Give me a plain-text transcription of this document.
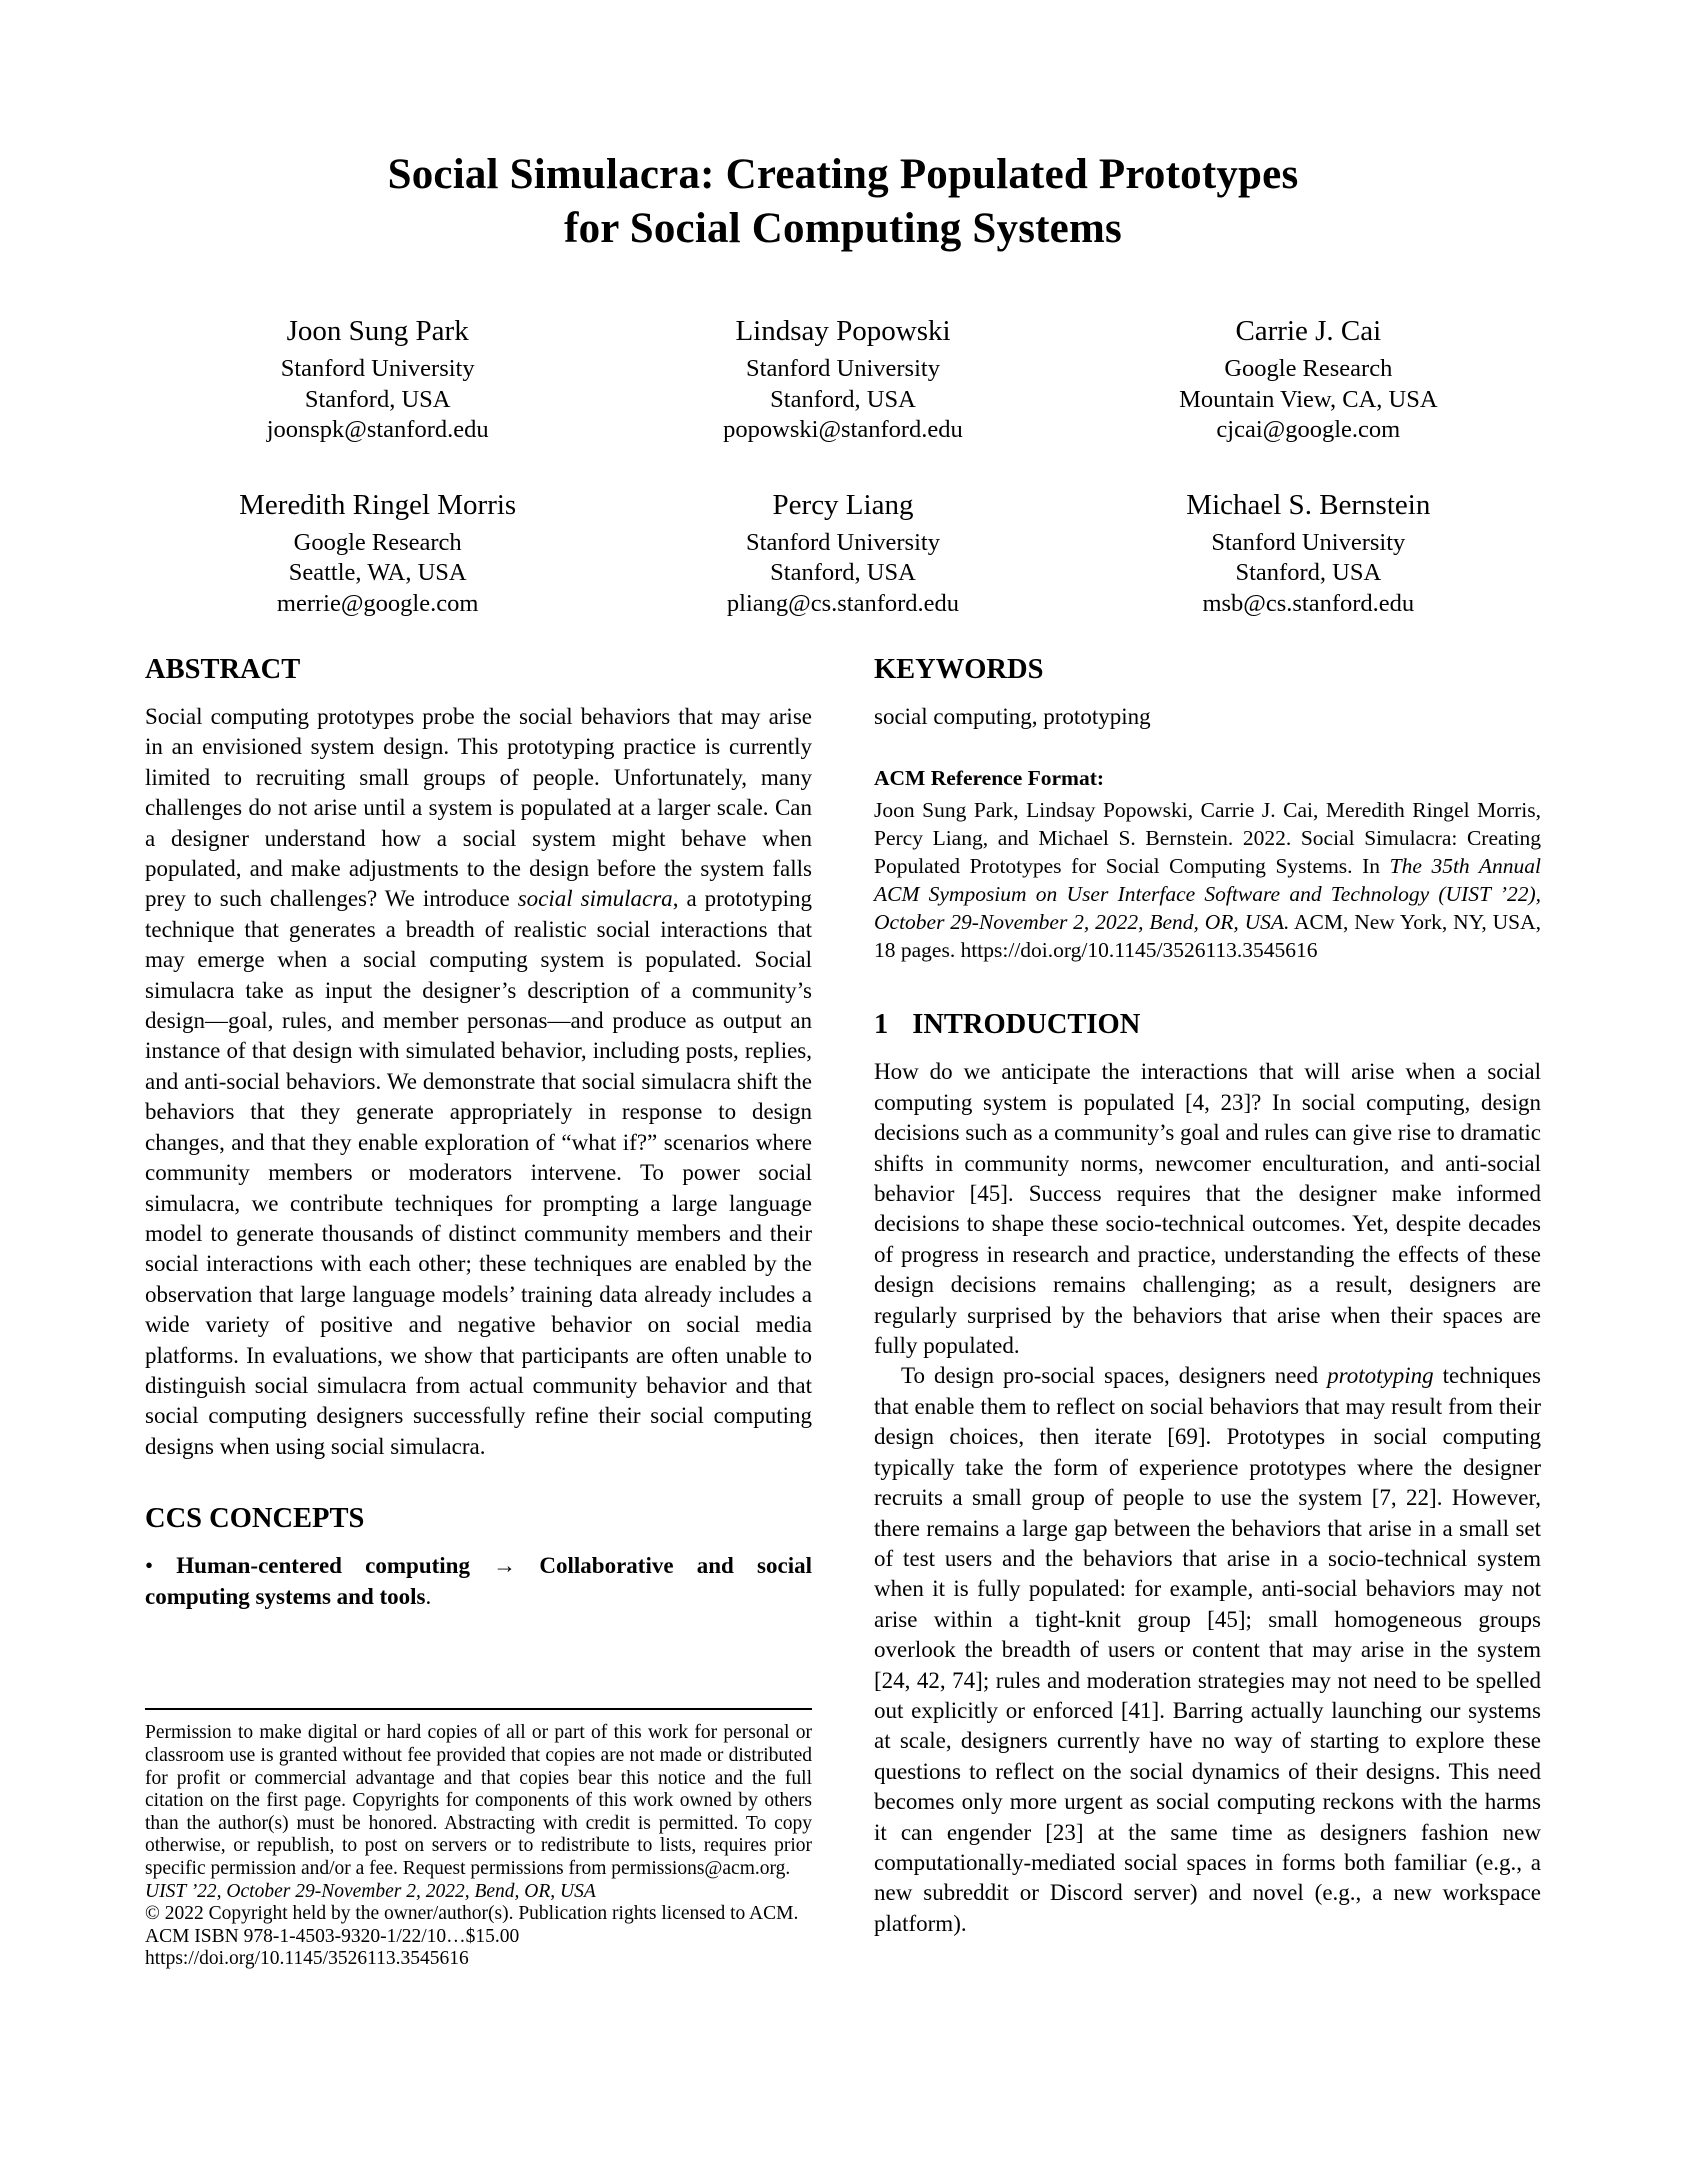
Social Simulacra: Creating Populated Prototypes
for Social Computing Systems
Joon Sung Park
Stanford University
Stanford, USA
joonspk@stanford.edu
Lindsay Popowski
Stanford University
Stanford, USA
popowski@stanford.edu
Carrie J. Cai
Google Research
Mountain View, CA, USA
cjcai@google.com
Meredith Ringel Morris
Google Research
Seattle, WA, USA
merrie@google.com
Percy Liang
Stanford University
Stanford, USA
pliang@cs.stanford.edu
Michael S. Bernstein
Stanford University
Stanford, USA
msb@cs.stanford.edu
ABSTRACT

Social computing prototypes probe the social behaviors that may arise in an envisioned system design. This prototyping practice is currently limited to recruiting small groups of people. Unfortunately, many challenges do not arise until a system is populated at a larger scale. Can a designer understand how a social system might behave when populated, and make adjustments to the design before the system falls prey to such challenges? We introduce social simulacra, a prototyping technique that generates a breadth of realistic social interactions that may emerge when a social computing system is populated. Social simulacra take as input the designer’s description of a community’s design—goal, rules, and member personas—and produce as output an instance of that design with simulated behavior, including posts, replies, and anti-social behaviors. We demonstrate that social simulacra shift the behaviors that they generate appropriately in response to design changes, and that they enable exploration of “what if?” scenarios where community members or moderators intervene. To power social simulacra, we contribute techniques for prompting a large language model to generate thousands of distinct community members and their social interactions with each other; these techniques are enabled by the observation that large language models’ training data already includes a wide variety of positive and negative behavior on social media platforms. In evaluations, we show that participants are often unable to distinguish social simulacra from actual community behavior and that social computing designers successfully refine their social computing designs when using social simulacra.

CCS CONCEPTS

• Human-centered computing → Collaborative and social computing systems and tools.

Permission to make digital or hard copies of all or part of this work for personal or classroom use is granted without fee provided that copies are not made or distributed for profit or commercial advantage and that copies bear this notice and the full citation on the first page. Copyrights for components of this work owned by others than the author(s) must be honored. Abstracting with credit is permitted. To copy otherwise, or republish, to post on servers or to redistribute to lists, requires prior specific permission and/or a fee. Request permissions from permissions@acm.org.

UIST ’22, October 29-November 2, 2022, Bend, OR, USA

© 2022 Copyright held by the owner/author(s). Publication rights licensed to ACM.

ACM ISBN 978-1-4503-9320-1/22/10…$15.00

https://doi.org/10.1145/3526113.3545616

KEYWORDS

social computing, prototyping

ACM Reference Format:

Joon Sung Park, Lindsay Popowski, Carrie J. Cai, Meredith Ringel Morris, Percy Liang, and Michael S. Bernstein. 2022. Social Simulacra: Creating Populated Prototypes for Social Computing Systems. In The 35th Annual ACM Symposium on User Interface Software and Technology (UIST ’22), October 29-November 2, 2022, Bend, OR, USA. ACM, New York, NY, USA, 18 pages. https://doi.org/10.1145/3526113.3545616

1 INTRODUCTION

How do we anticipate the interactions that will arise when a social computing system is populated [4, 23]? In social computing, design decisions such as a community’s goal and rules can give rise to dramatic shifts in community norms, newcomer enculturation, and anti-social behavior [45]. Success requires that the designer make informed decisions to shape these socio-technical outcomes. Yet, despite decades of progress in research and practice, understanding the effects of these design decisions remains challenging; as a result, designers are regularly surprised by the behaviors that arise when their spaces are fully populated.

To design pro-social spaces, designers need prototyping techniques that enable them to reflect on social behaviors that may result from their design choices, then iterate [69]. Prototypes in social computing typically take the form of experience prototypes where the designer recruits a small group of people to use the system [7, 22]. However, there remains a large gap between the behaviors that arise in a small set of test users and the behaviors that arise in a socio-technical system when it is fully populated: for example, anti-social behaviors may not arise within a tight-knit group [45]; small homogeneous groups overlook the breadth of users or content that may arise in the system [24, 42, 74]; rules and moderation strategies may not need to be spelled out explicitly or enforced [41]. Barring actually launching our systems at scale, designers currently have no way of starting to explore these questions to reflect on the social dynamics of their designs. This need becomes only more urgent as social computing reckons with the harms it can engender [23] at the same time as designers fashion new computationally-mediated social spaces in forms both familiar (e.g., a new subreddit or Discord server) and novel (e.g., a new workspace platform).
